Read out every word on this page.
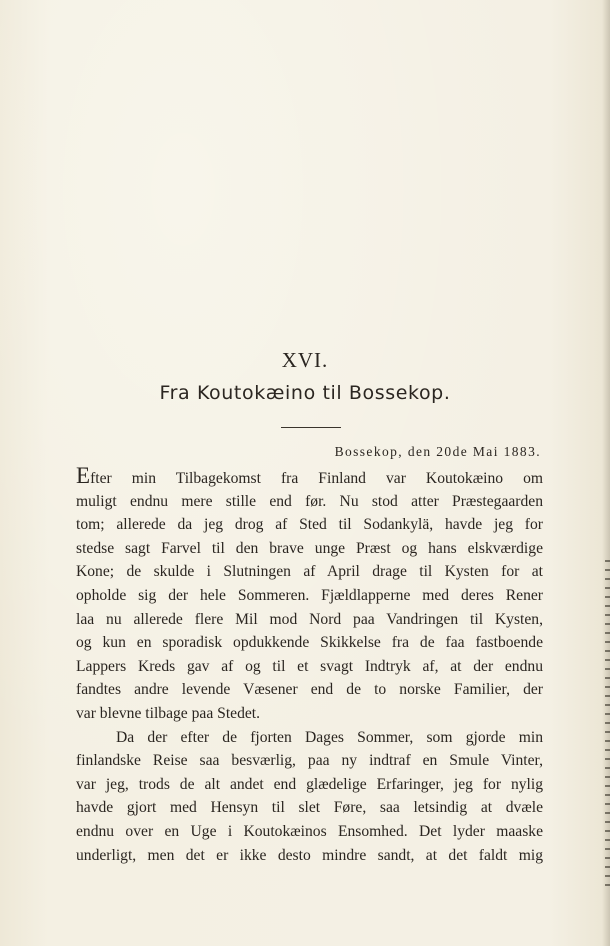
XVI.
Fra Koutokæino til Bossekop.
Bossekop, den 20de Mai 1883.
Efter min Tilbagekomst fra Finland var Koutokæino om
muligt endnu mere stille end før. Nu stod atter Præstegaarden
tom; allerede da jeg drog af Sted til Sodankylä, havde jeg for
stedse sagt Farvel til den brave unge Præst og hans elskværdige
Kone; de skulde i Slutningen af April drage til Kysten for at
opholde sig der hele Sommeren. Fjældlapperne med deres Rener
laa nu allerede flere Mil mod Nord paa Vandringen til Kysten,
og kun en sporadisk opdukkende Skikkelse fra de faa fastboende
Lappers Kreds gav af og til et svagt Indtryk af, at der endnu
fandtes andre levende Væsener end de to norske Familier, der
var blevne tilbage paa Stedet.
Da der efter de fjorten Dages Sommer, som gjorde min
finlandske Reise saa besværlig, paa ny indtraf en Smule Vinter,
var jeg, trods de alt andet end glædelige Erfaringer, jeg for nylig
havde gjort med Hensyn til slet Føre, saa letsindig at dvæle
endnu over en Uge i Koutokæinos Ensomhed. Det lyder maaske
underligt, men det er ikke desto mindre sandt, at det faldt mig
